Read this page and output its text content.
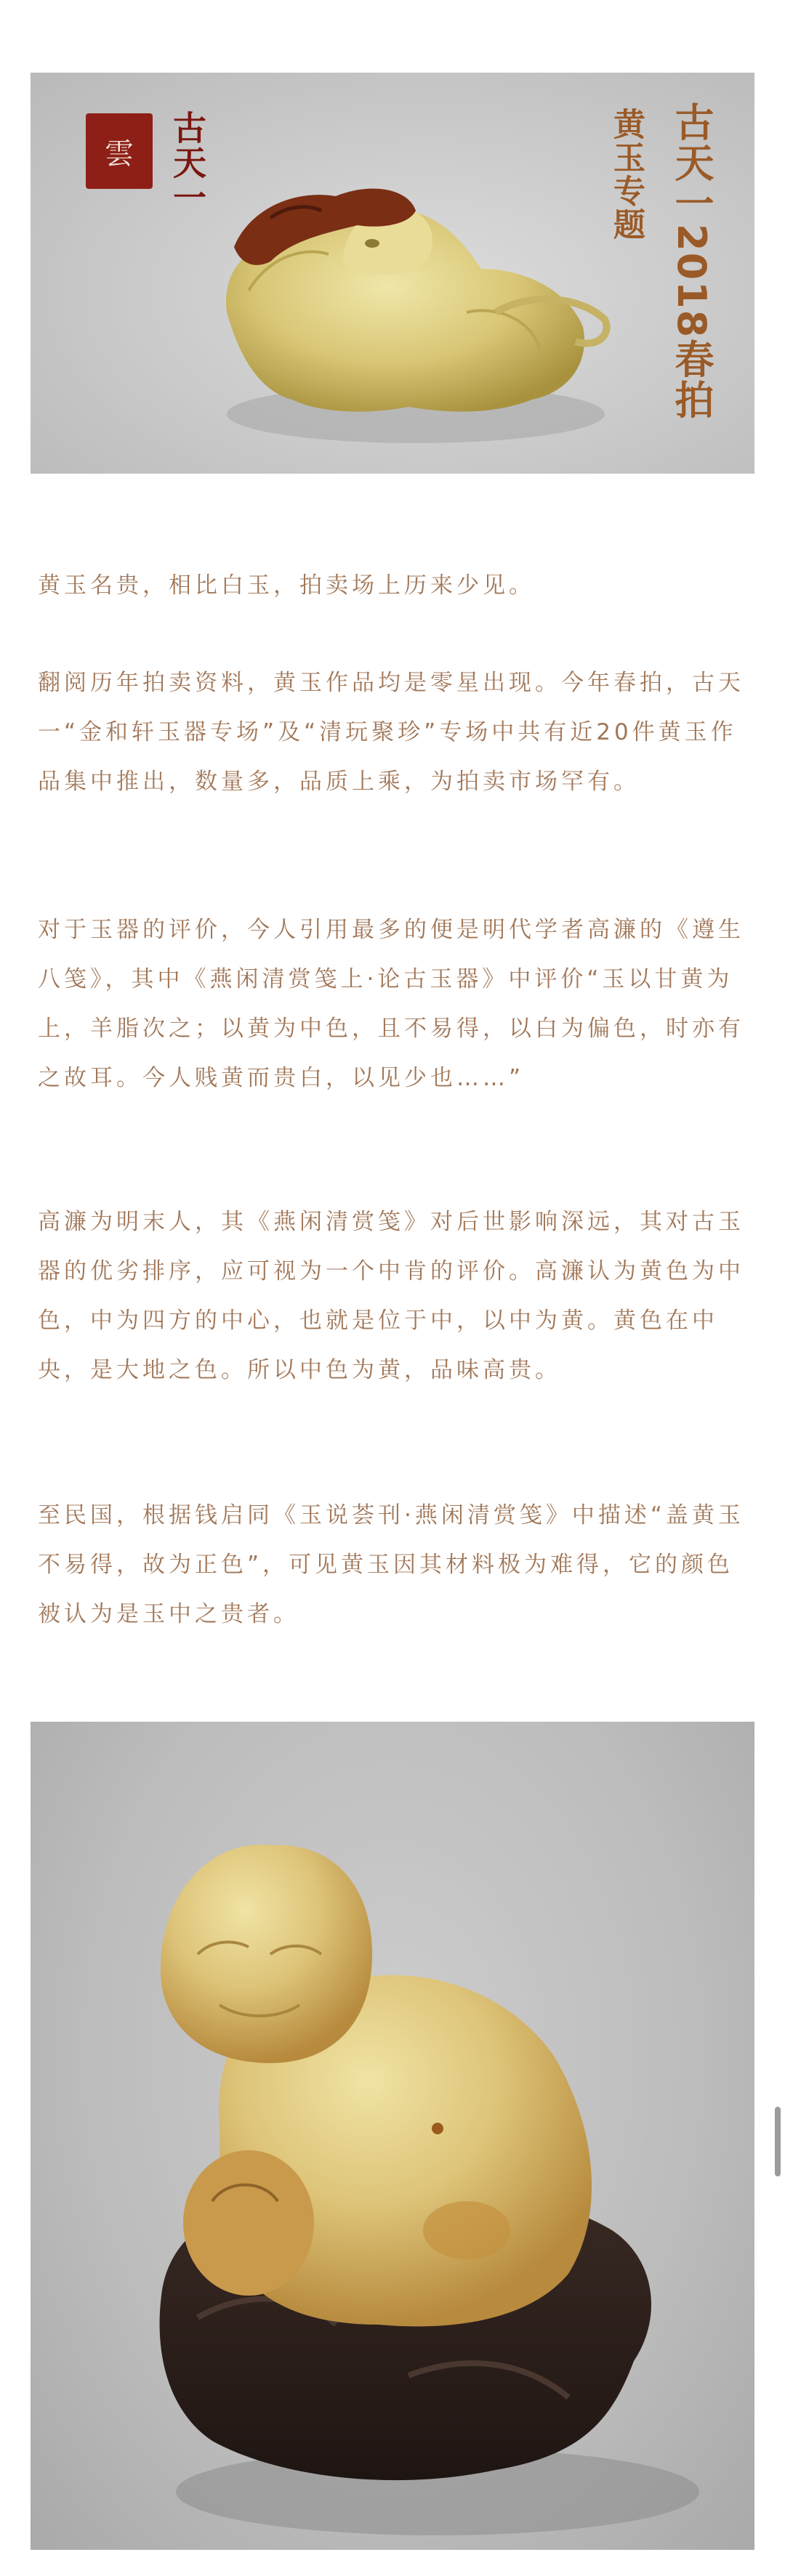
雲	古天一	黄玉专题 古天一2018春拍

黄玉名贵，相比白玉，拍卖场上历来少见。

翻阅历年拍卖资料，黄玉作品均是零星出现。今年春拍，古天一“金和轩玉器专场”及“清玩聚珍”专场中共有近20件黄玉作品集中推出，数量多，品质上乘，为拍卖市场罕有。

对于玉器的评价，今人引用最多的便是明代学者高濂的《遵生八笺》，其中《燕闲清赏笺上·论古玉器》中评价“玉以甘黄为上，羊脂次之；以黄为中色，且不易得，以白为偏色，时亦有之故耳。今人贱黄而贵白，以见少也……”

高濂为明末人，其《燕闲清赏笺》对后世影响深远，其对古玉器的优劣排序，应可视为一个中肯的评价。高濂认为黄色为中色，中为四方的中心，也就是位于中，以中为黄。黄色在中央，是大地之色。所以中色为黄，品味高贵。

至民国，根据钱启同《玉说荟刊·燕闲清赏笺》中描述“盖黄玉不易得，故为正色”，可见黄玉因其材料极为难得，它的颜色被认为是玉中之贵者。
